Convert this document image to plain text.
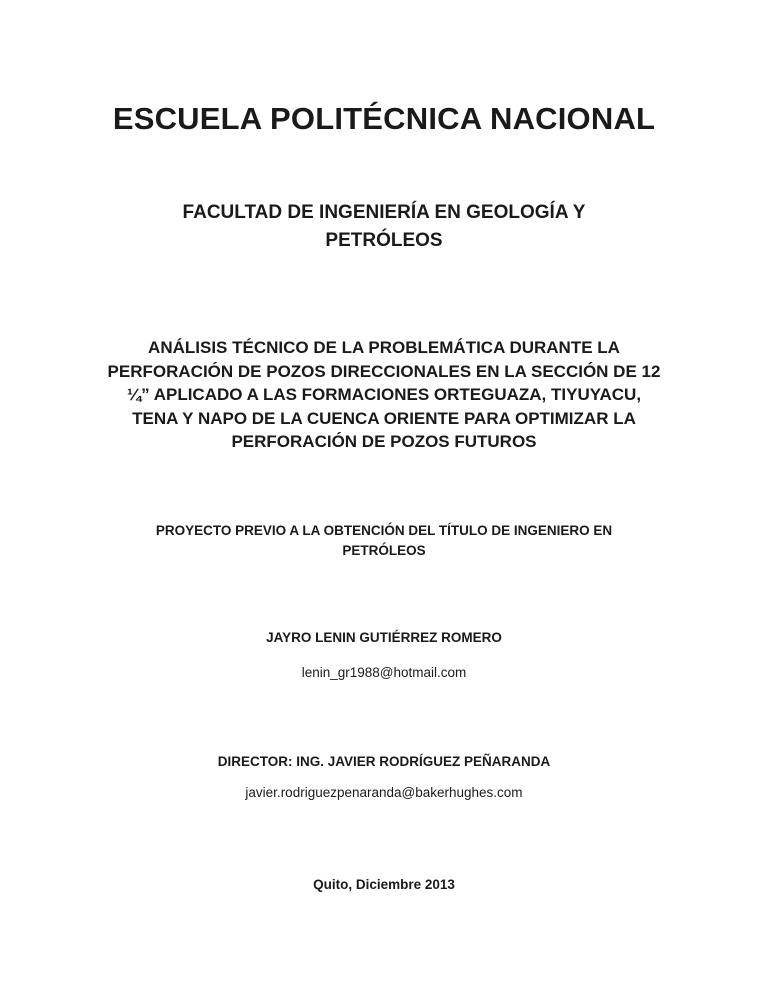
ESCUELA POLITÉCNICA NACIONAL
FACULTAD DE INGENIERÍA EN GEOLOGÍA Y PETRÓLEOS
ANÁLISIS TÉCNICO DE LA PROBLEMÁTICA DURANTE LA PERFORACIÓN DE POZOS DIRECCIONALES EN LA SECCIÓN DE 12 ¼” APLICADO A LAS FORMACIONES ORTEGUAZA, TIYUYACU, TENA Y NAPO DE LA CUENCA ORIENTE PARA OPTIMIZAR LA PERFORACIÓN DE POZOS FUTUROS

PROYECTO PREVIO A LA OBTENCIÓN DEL TÍTULO DE INGENIERO EN PETRÓLEOS

JAYRO LENIN GUTIÉRREZ ROMERO

lenin_gr1988@hotmail.com

DIRECTOR: ING. JAVIER RODRÍGUEZ PEÑARANDA

javier.rodriguezpenaranda@bakerhughes.com

Quito, Diciembre 2013
